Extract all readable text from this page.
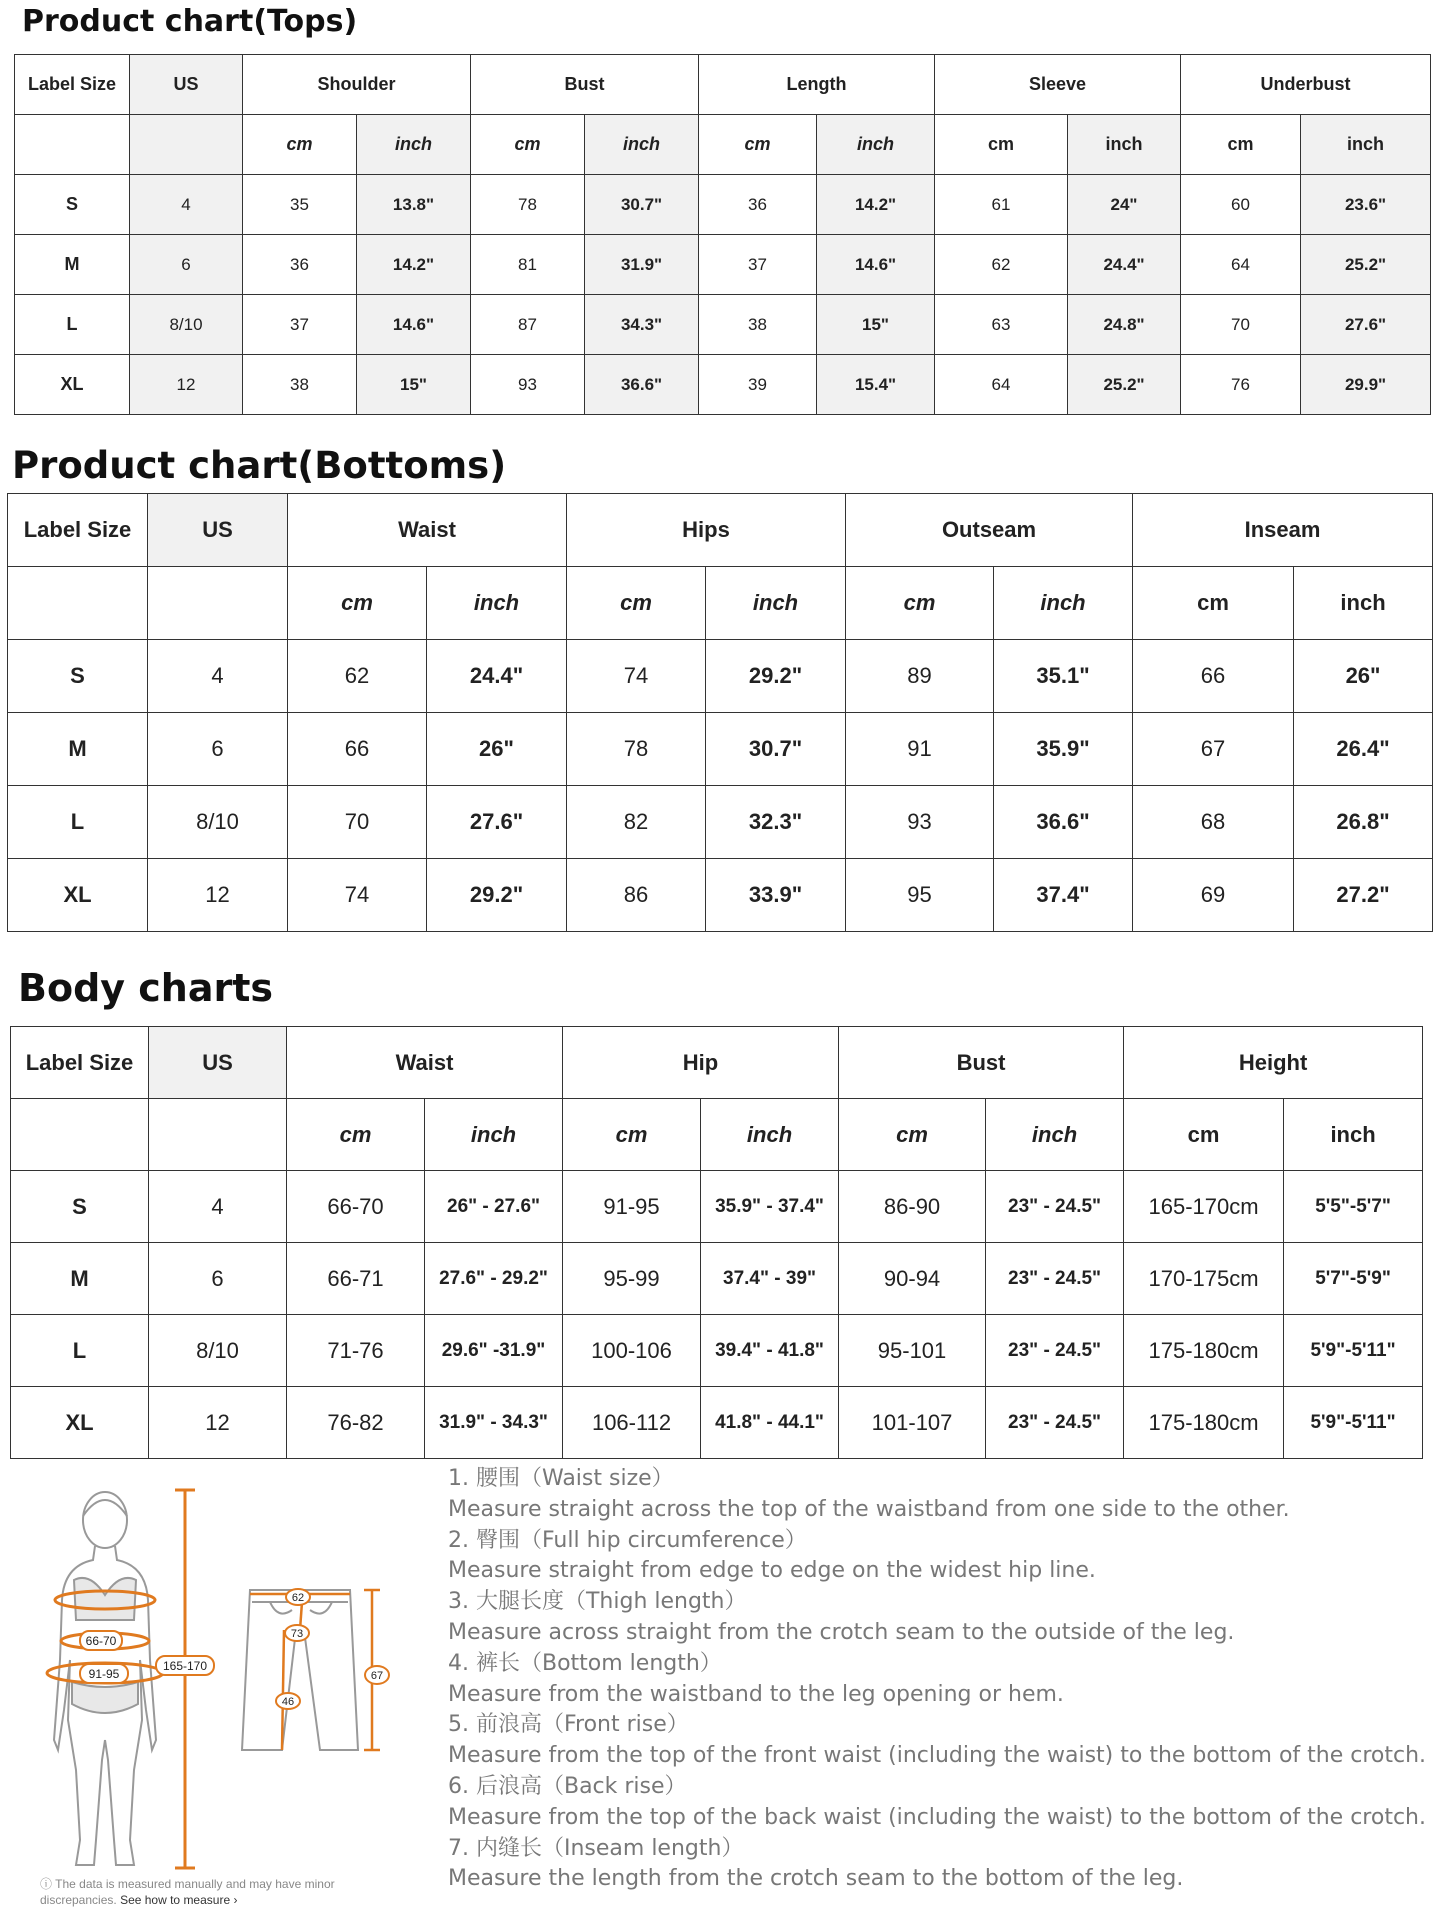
Product chart(Tops)
Label Size	US	Shoulder		Bust		Length		Sleeve		Underbust	
		cm	inch	cm	inch	cm	inch	cm	inch	cm	inch
S	4	35	13.8"	78	30.7"	36	14.2"	61	24"	60	23.6"
M	6	36	14.2"	81	31.9"	37	14.6"	62	24.4"	64	25.2"
L	8/10	37	14.6"	87	34.3"	38	15"	63	24.8"	70	27.6"
XL	12	38	15"	93	36.6"	39	15.4"	64	25.2"	76	29.9"
Product chart(Bottoms)
Label Size	US	Waist		Hips		Outseam		Inseam	
		cm	inch	cm	inch	cm	inch	cm	inch
S	4	62	24.4"	74	29.2"	89	35.1"	66	26"
M	6	66	26"	78	30.7"	91	35.9"	67	26.4"
L	8/10	70	27.6"	82	32.3"	93	36.6"	68	26.8"
XL	12	74	29.2"	86	33.9"	95	37.4"	69	27.2"
Body charts
Label Size	US	Waist		Hip		Bust		Height	
		cm	inch	cm	inch	cm	inch	cm	inch
S	4	66-70	26" - 27.6"	91-95	35.9" - 37.4"	86-90	23" - 24.5"	165-170cm	5'5"-5'7"
M	6	66-71	27.6" - 29.2"	95-99	37.4" - 39"	90-94	23" - 24.5"	170-175cm	5'7"-5'9"
L	8/10	71-76	29.6" -31.9"	100-106	39.4" - 41.8"	95-101	23" - 24.5"	175-180cm	5'9"-5'11"
XL	12	76-82	31.9" - 34.3"	106-112	41.8" - 44.1"	101-107	23" - 24.5"	175-180cm	5'9"-5'11"
66-70
91-95
165-170
62
73
46
67
1. 腰围（Waist size）
Measure straight across the top of the waistband from one side to the other.
2. 臀围（Full hip circumference）
Measure straight from edge to edge on the widest hip line.
3. 大腿长度（Thigh length）
Measure across straight from the crotch seam to the outside of the leg.
4. 裤长（Bottom length）
Measure from the waistband to the leg opening or hem.
5. 前浪高（Front rise）
Measure from the top of the front waist (including the waist) to the bottom of the crotch.
6. 后浪高（Back rise）
Measure from the top of the back waist (including the waist) to the bottom of the crotch.
7. 内缝长（Inseam length）
Measure the length from the crotch seam to the bottom of the leg.
ⓘ The data is measured manually and may have minor discrepancies. See how to measure ›
